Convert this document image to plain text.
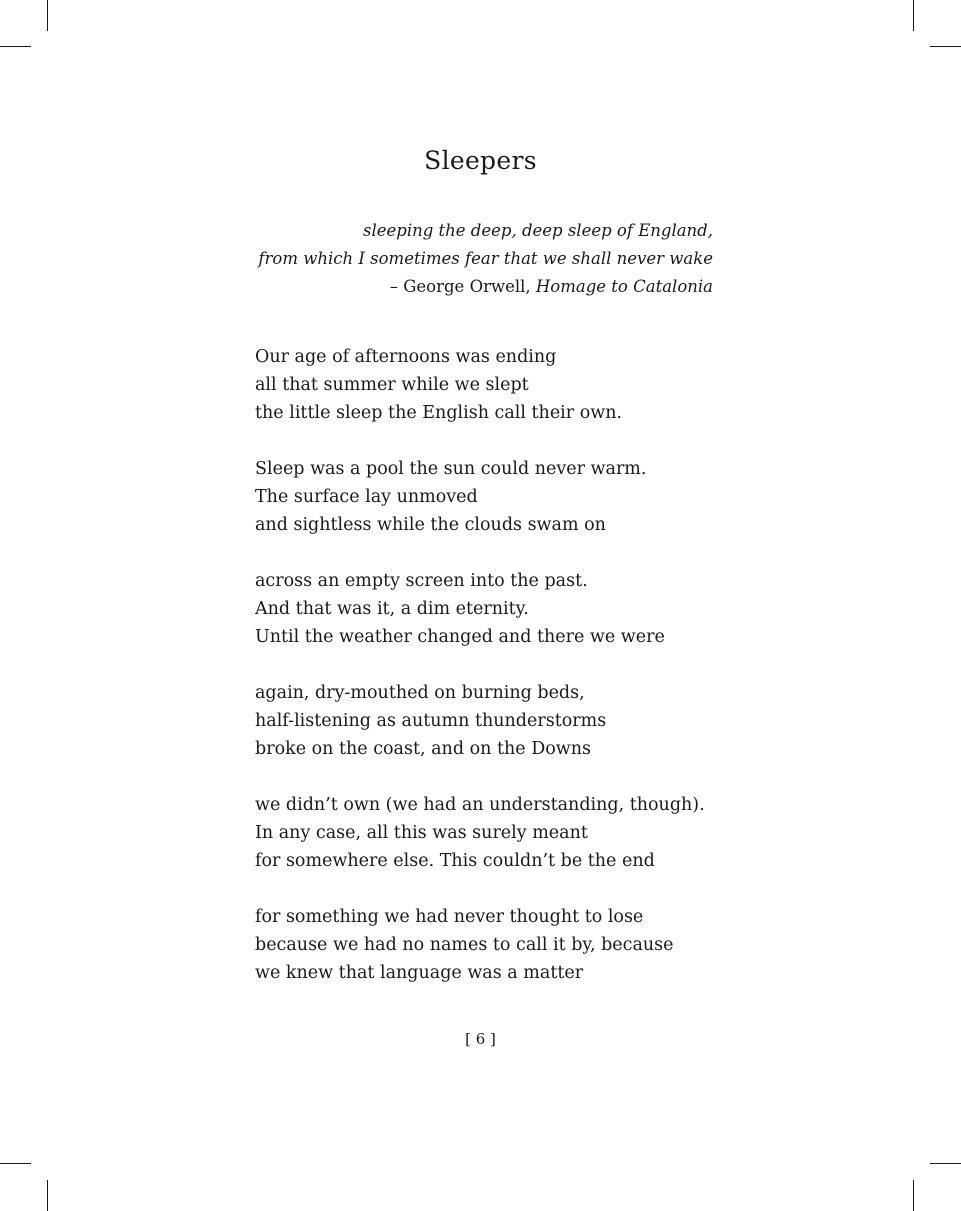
Sleepers
sleeping the deep, deep sleep of England,
from which I sometimes fear that we shall never wake
– George Orwell, Homage to Catalonia
Our age of afternoons was ending
all that summer while we slept
the little sleep the English call their own.
Sleep was a pool the sun could never warm.
The surface lay unmoved
and sightless while the clouds swam on
across an empty screen into the past.
And that was it, a dim eternity.
Until the weather changed and there we were
again, dry-mouthed on burning beds,
half-listening as autumn thunderstorms
broke on the coast, and on the Downs
we didn’t own (we had an understanding, though).
In any case, all this was surely meant
for somewhere else. This couldn’t be the end
for something we had never thought to lose
because we had no names to call it by, because
we knew that language was a matter
[ 6 ]
